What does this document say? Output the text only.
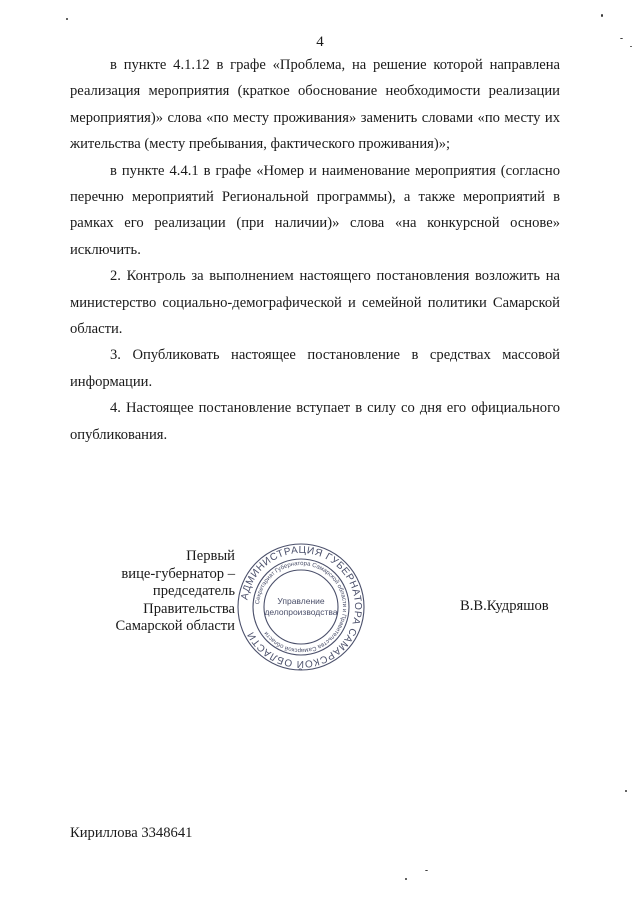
4

в пункте 4.1.12 в графе «Проблема, на решение которой направлена реализация мероприятия (краткое обоснование необходимости реализации мероприятия)» слова «по месту проживания» заменить словами «по месту их жительства (месту пребывания, фактического проживания)»;

в пункте 4.4.1 в графе «Номер и наименование мероприятия (согласно перечню мероприятий Региональной программы), а также мероприятий в рамках его реализации (при наличии)» слова «на конкурсной основе» исключить.

2. Контроль за выполнением настоящего постановления возложить на министерство социально-демографической и семейной политики Самарской области.

3. Опубликовать настоящее постановление в средствах массовой информации.

4. Настоящее постановление вступает в силу со дня его официального опубликования.

Первый
вице-губернатор –
председатель Правительства
Самарской области
АДМИНИСТРАЦИЯ ГУБЕРНАТОРА САМАРСКОЙ ОБЛАСТИ
Секретариат Губернатора Самарской области и Правительства Самарской области
Управление
делопроизводства	В.В.Кудряшов
Кириллова 3348641
